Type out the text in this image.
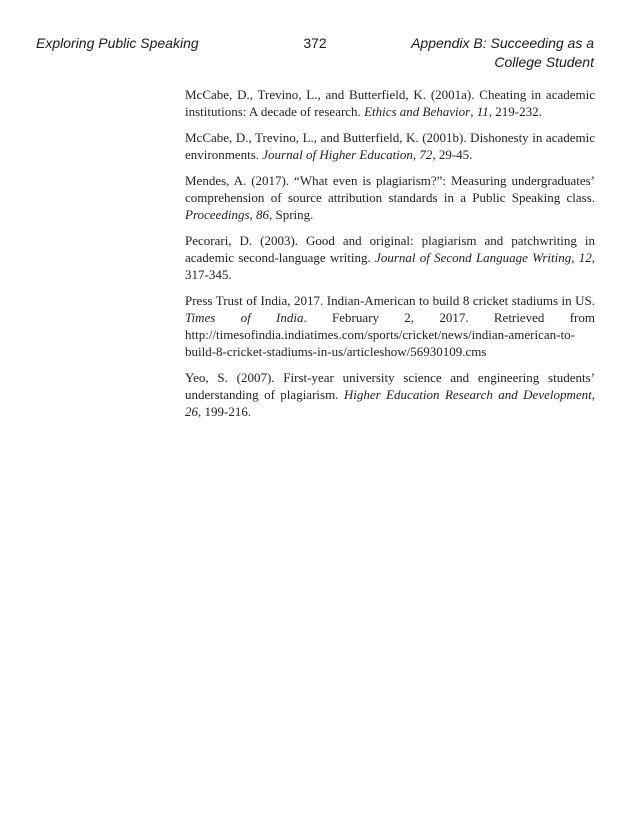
Exploring Public Speaking	372	Appendix B: Succeeding as a College Student

McCabe, D., Trevino, L., and Butterfield, K. (2001a). Cheating in academic institutions: A decade of research. Ethics and Behavior, 11, 219-232.

McCabe, D., Trevino, L., and Butterfield, K. (2001b). Dishonesty in academic environments. Journal of Higher Education, 72, 29-45.

Mendes, A. (2017). “What even is plagiarism?”: Measuring undergraduates’ comprehension of source attribution standards in a Public Speaking class. Proceedings, 86, Spring.

Pecorari, D. (2003). Good and original: plagiarism and patchwriting in academic second-language writing. Journal of Second Language Writing, 12, 317-345.

Press Trust of India, 2017. Indian-American to build 8 cricket stadiums in US. Times of India. February 2, 2017. Retrieved from http://timesofindia.indiatimes.com/sports/cricket/news/indian-american-to-build-8-cricket-stadiums-in-us/articleshow/56930109.cms

Yeo, S. (2007). First-year university science and engineering students’ understanding of plagiarism. Higher Education Research and Development, 26, 199-216.
